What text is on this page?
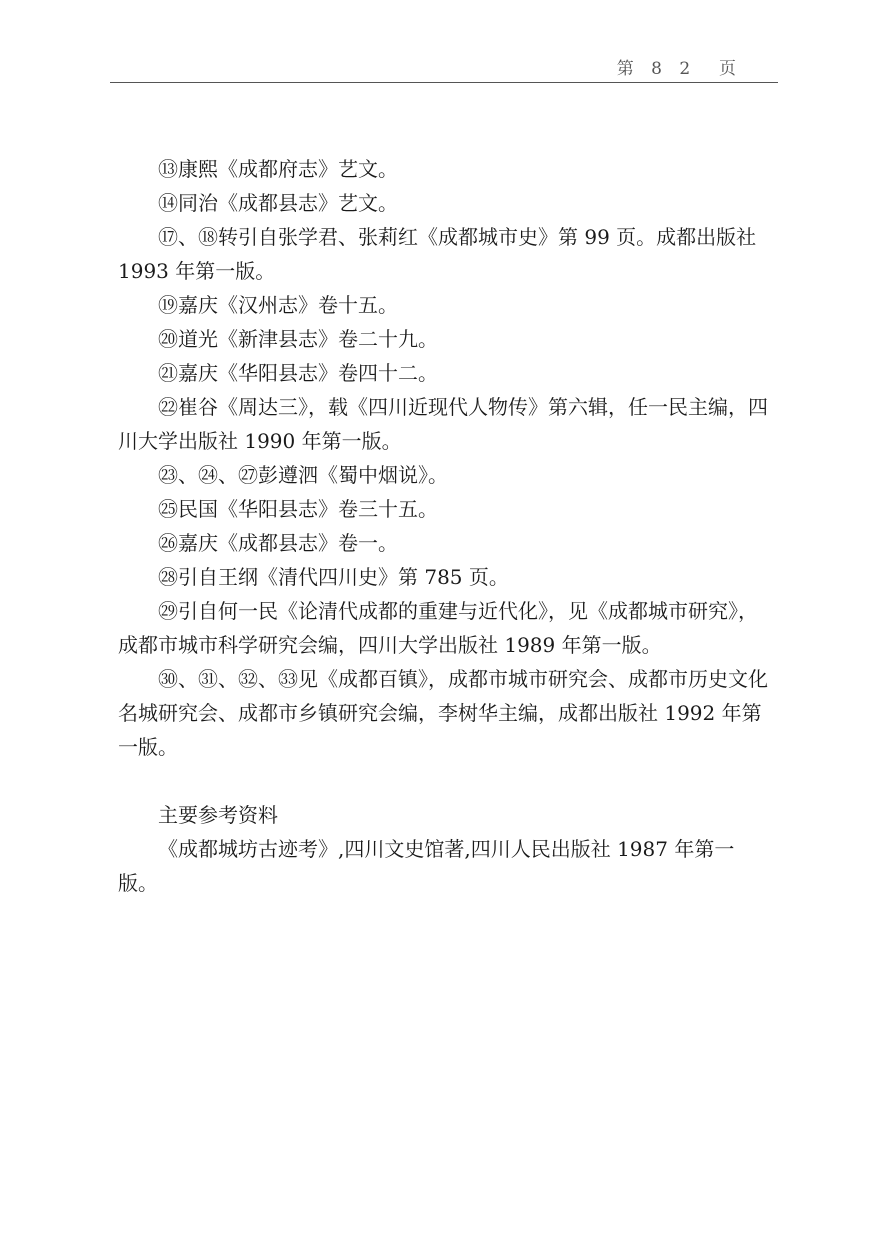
第 8 2  页

⑬康熙《成都府志》艺文。

⑭同治《成都县志》艺文。

⑰、⑱转引自张学君、张莉红《成都城市史》第 99 页。成都出版社 1993 年第一版。

⑲嘉庆《汉州志》卷十五。

⑳道光《新津县志》卷二十九。

㉑嘉庆《华阳县志》卷四十二。

㉒崔谷《周达三》，载《四川近现代人物传》第六辑，任一民主编，四川大学出版社 1990 年第一版。

㉓、㉔、㉗彭遵泗《蜀中烟说》。

㉕民国《华阳县志》卷三十五。

㉖嘉庆《成都县志》卷一。

㉘引自王纲《清代四川史》第 785 页。

㉙引自何一民《论清代成都的重建与近代化》，见《成都城市研究》，成都市城市科学研究会编，四川大学出版社 1989 年第一版。

㉚、㉛、㉜、㉝见《成都百镇》，成都市城市研究会、成都市历史文化名城研究会、成都市乡镇研究会编，李树华主编，成都出版社 1992 年第一版。

主要参考资料

《成都城坊古迹考》,四川文史馆著,四川人民出版社 1987 年第一版。
